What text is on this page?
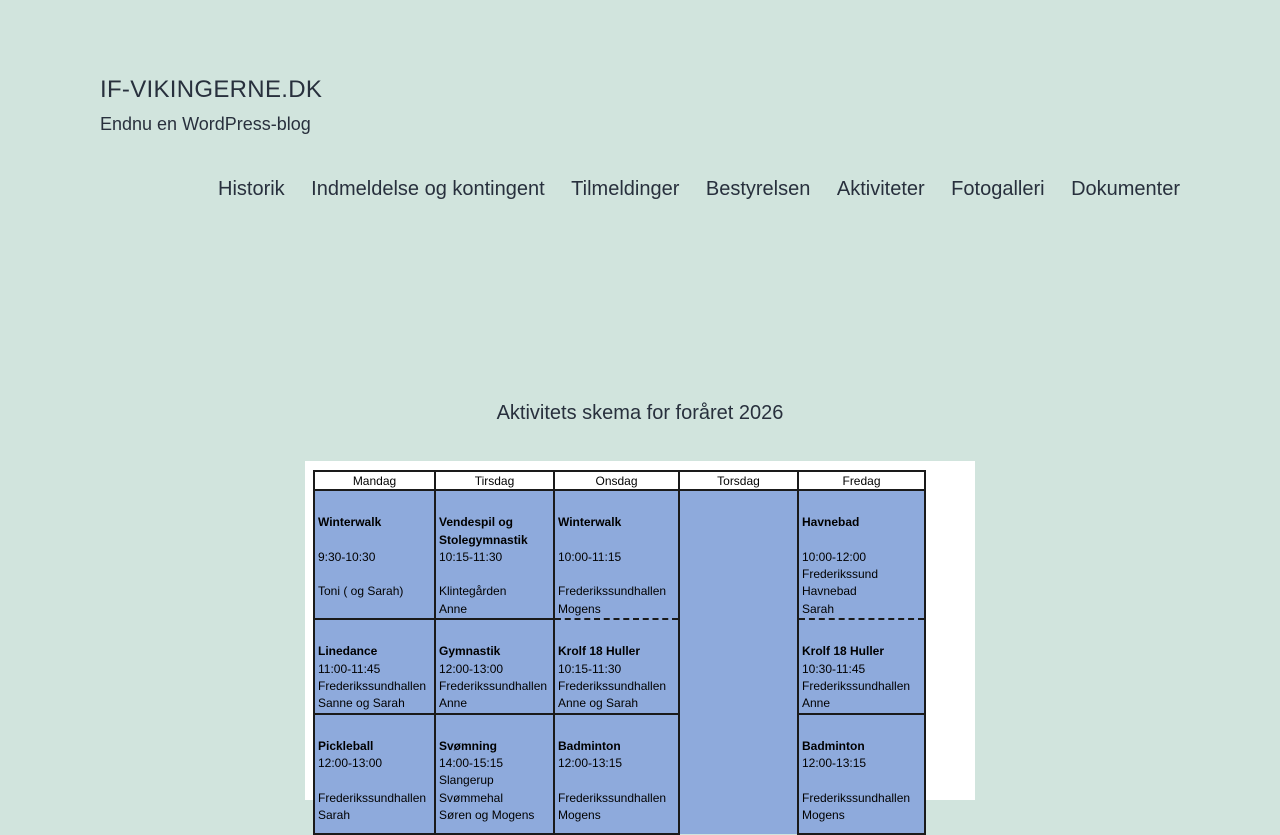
IF-VIKINGERNE.DK
Endnu en WordPress-blog
Historik Indmeldelse og kontingent Tilmeldinger Bestyrelsen Aktiviteter Fotogalleri Dokumenter
Aktivitets skema for foråret 2026
Mandag	Tirsdag	Onsdag	Torsdag	Fredag

Winterwalk

9:30-10:30

Toni ( og Sarah)	Vendespil og
Stolegymnastik
10:15-11:30

Klintegården
Anne	Winterwalk

10:00-11:15

Frederikssundhallen
Mogens		Havnebad

10:00-12:00
Frederikssund
Havnebad
Sarah

Linedance
11:00-11:45
Frederikssundhallen
Sanne og Sarah	Gymnastik
12:00-13:00
Frederikssundhallen
Anne	Krolf 18 Huller
10:15-11:30
Frederikssundhallen
Anne og Sarah		Krolf 18 Huller
10:30-11:45
Frederikssundhallen
Anne

Pickleball
12:00-13:00

Frederikssundhallen
Sarah	Svømning
14:00-15:15
Slangerup
Svømmehal
Søren og Mogens	Badminton
12:00-13:15

Frederikssundhallen
Mogens		Badminton
12:00-13:15

Frederikssundhallen
Mogens
